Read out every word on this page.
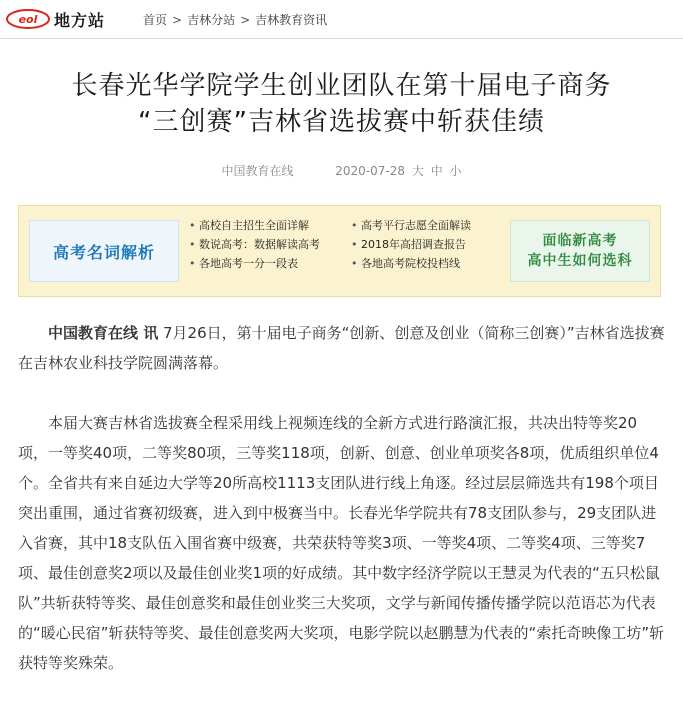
eol 地方站	首页 > 吉林分站 > 吉林教育资讯
长春光华学院学生创业团队在第十届电子商务
“三创赛”吉林省选拔赛中斩获佳绩
中国教育在线	2020-07-28 大 中 小
高考名词解析
• 高校自主招生全面详解	• 高考平行志愿全面解读
• 数说高考：数据解读高考	• 2018年高招调查报告
• 各地高考一分一段表	• 各地高考院校投档线
面临新高考
高中生如何选科

中国教育在线 讯 7月26日，第十届电子商务“创新、创意及创业（简称三创赛）”吉林省选拔赛在吉林农业科技学院圆满落幕。

本届大赛吉林省选拔赛全程采用线上视频连线的全新方式进行路演汇报，共决出特等奖20项，一等奖40项，二等奖80项，三等奖118项，创新、创意、创业单项奖各8项，优质组织单位4个。全省共有来自延边大学等20所高校1113支团队进行线上角逐。经过层层筛选共有198个项目突出重围，通过省赛初级赛，进入到中极赛当中。长春光华学院共有78支团队参与，29支团队进入省赛，其中18支队伍入围省赛中级赛，共荣获特等奖3项、一等奖4项、二等奖4项、三等奖7项、最佳创意奖2项以及最佳创业奖1项的好成绩。其中数字经济学院以王慧灵为代表的“五只松鼠队”共斩获特等奖、最佳创意奖和最佳创业奖三大奖项，文学与新闻传播传播学院以范语芯为代表的“暖心民宿”斩获特等奖、最佳创意奖两大奖项，电影学院以赵鹏慧为代表的“索托奇映像工坊”斩获特等奖殊荣。
